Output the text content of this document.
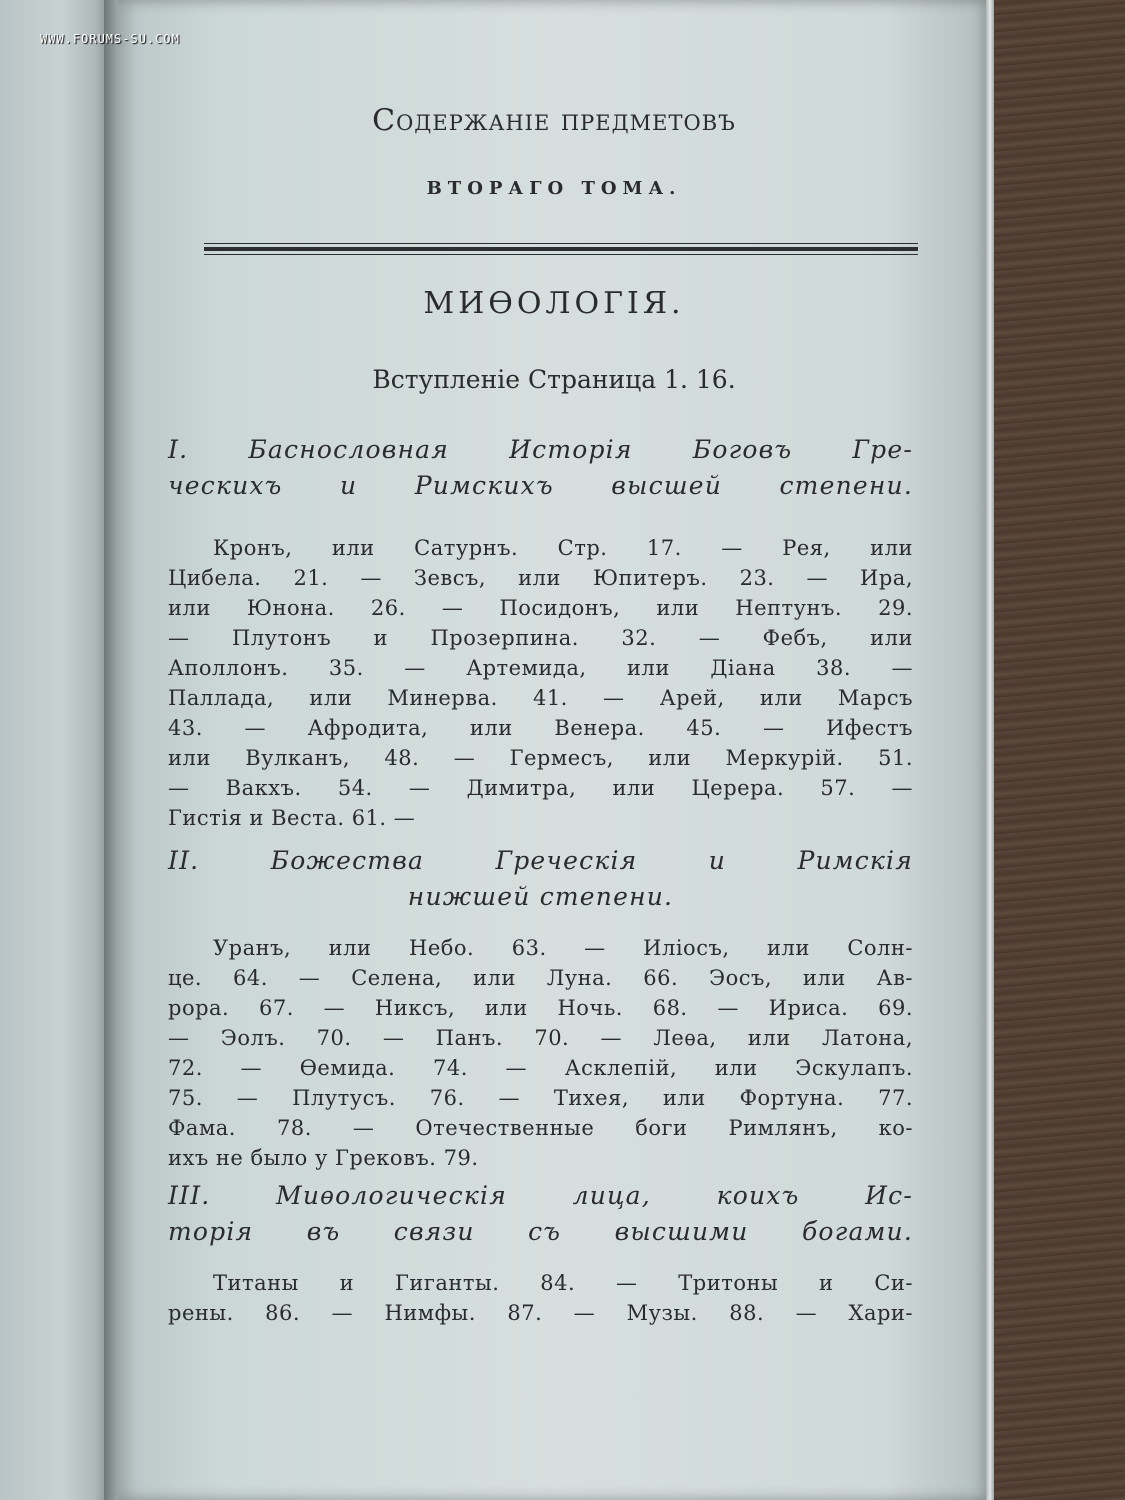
Содержаніе предметовъ
ВТОРАГО ТОМА.
МИѲОЛОГІЯ.
Вступленіе Страница 1. 16.
I. Баснословная Исторія Боговъ Гре-
ческихъ и Римскихъ высшей степени.
Кронъ, или Сатурнъ. Стр. 17. — Рея, или
Цибела. 21. — Зевсъ, или Юпитеръ. 23. — Ира,
или Юнона. 26. — Посидонъ, или Нептунъ. 29.
— Плутонъ и Прозерпина. 32. — Фебъ, или
Аполлонъ. 35. — Артемида, или Діана 38. —
Паллада, или Минерва. 41. — Арей, или Марсъ
43. — Афродита, или Венера. 45. — Ифестъ
или Вулканъ, 48. — Гермесъ, или Меркурій. 51.
— Вакхъ. 54. — Димитра, или Церера. 57. —
Гистія и Веста. 61. —
II. Божества Греческія и Римскія
нижшей степени.
Уранъ, или Небо. 63. — Иліосъ, или Солн-
це. 64. — Селена, или Луна. 66. Эосъ, или Ав-
рора. 67. — Никсъ, или Ночь. 68. — Ириса. 69.
— Эолъ. 70. — Панъ. 70. — Леѳа, или Латона,
72. — Ѳемида. 74. — Асклепій, или Эскулапъ.
75. — Плутусъ. 76. — Тихея, или Фортуна. 77.
Фама. 78. — Отечественные боги Римлянъ, ко-
ихъ не было у Грековъ. 79.
III. Миѳологическія лица, коихъ Ис-
торія въ связи съ высшими богами.
Титаны и Гиганты. 84. — Тритоны и Си-
рены. 86. — Нимфы. 87. — Музы. 88. — Хари-
WWW.FORUMS-SU.COM
